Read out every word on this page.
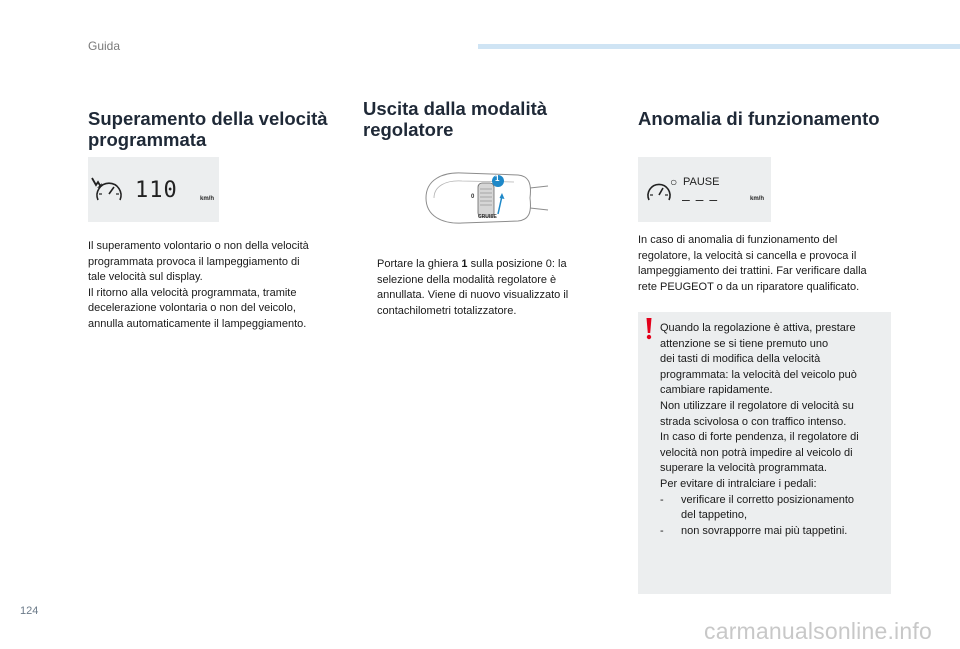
Guida

Superamento della velocità

programmata

110	km/h

Il superamento volontario o non della velocità

programmata provoca il lampeggiamento di

tale velocità sul display.

Il ritorno alla velocità programmata, tramite

decelerazione volontaria o non del veicolo,

annulla automaticamente il lampeggiamento.

Uscita dalla modalità

regolatore

1
0
CRUISE

Portare la ghiera 1 sulla posizione 0: la

selezione della modalità regolatore è

annullata. Viene di nuovo visualizzato il

contachilometri totalizzatore.

Anomalia di funzionamento

○ PAUSE
– – –	km/h

In caso di anomalia di funzionamento del

regolatore, la velocità si cancella e provoca il

lampeggiamento dei trattini. Far verificare dalla

rete PEUGEOT o da un riparatore qualificato.

Quando la regolazione è attiva, prestare

attenzione se si tiene premuto uno

dei tasti di modifica della velocità

programmata: la velocità del veicolo può

cambiare rapidamente.

Non utilizzare il regolatore di velocità su

strada scivolosa o con traffico intenso.

In caso di forte pendenza, il regolatore di

velocità non potrà impedire al veicolo di

superare la velocità programmata.

Per evitare di intralciare i pedali:

-	verificare il corretto posizionamento

del tappetino,

-	non sovrapporre mai più tappetini.

124
carmanualsonline.info
